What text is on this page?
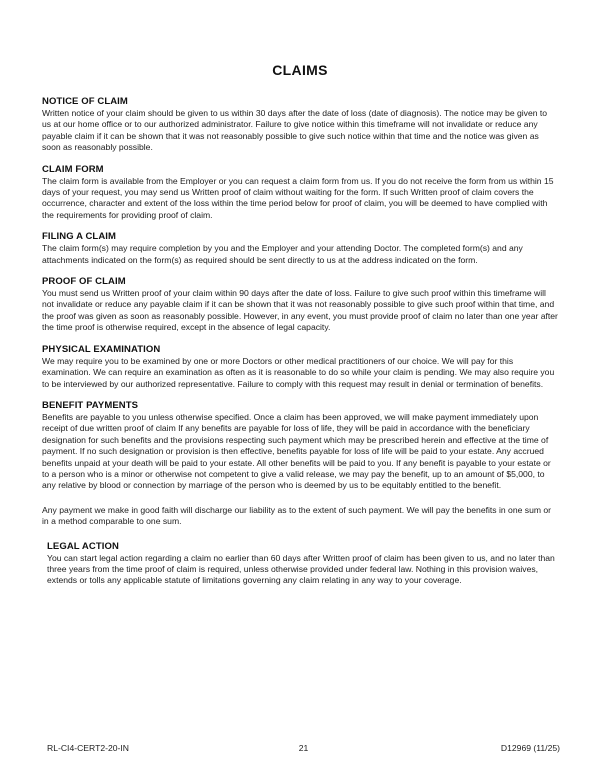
CLAIMS
NOTICE OF CLAIM

Written notice of your claim should be given to us within 30 days after the date of loss (date of diagnosis). The notice may be given to us at our home office or to our authorized administrator. Failure to give notice within this timeframe will not invalidate or reduce any payable claim if it can be shown that it was not reasonably possible to give such notice within that time and the notice was given as soon as reasonably possible.

CLAIM FORM

The claim form is available from the Employer or you can request a claim form from us. If you do not receive the form from us within 15 days of your request, you may send us Written proof of claim without waiting for the form. If such Written proof of claim covers the occurrence, character and extent of the loss within the time period below for proof of claim, you will be deemed to have complied with the requirements for providing proof of claim.

FILING A CLAIM

The claim form(s) may require completion by you and the Employer and your attending Doctor. The completed form(s) and any attachments indicated on the form(s) as required should be sent directly to us at the address indicated on the form.

PROOF OF CLAIM

You must send us Written proof of your claim within 90 days after the date of loss. Failure to give such proof within this timeframe will not invalidate or reduce any payable claim if it can be shown that it was not reasonably possible to give such proof within that time, and the proof was given as soon as reasonably possible. However, in any event, you must provide proof of claim no later than one year after the time proof is otherwise required, except in the absence of legal capacity.

PHYSICAL EXAMINATION

We may require you to be examined by one or more Doctors or other medical practitioners of our choice. We will pay for this examination. We can require an examination as often as it is reasonable to do so while your claim is pending. We may also require you to be interviewed by our authorized representative. Failure to comply with this request may result in denial or termination of benefits.

BENEFIT PAYMENTS

Benefits are payable to you unless otherwise specified. Once a claim has been approved, we will make payment immediately upon receipt of due written proof of claim If any benefits are payable for loss of life, they will be paid in accordance with the beneficiary designation for such benefits and the provisions respecting such payment which may be prescribed herein and effective at the time of payment. If no such designation or provision is then effective, benefits payable for loss of life will be paid to your estate. Any accrued benefits unpaid at your death will be paid to your estate. All other benefits will be paid to you. If any benefit is payable to your estate or to a person who is a minor or otherwise not competent to give a valid release, we may pay the benefit, up to an amount of $5,000, to any relative by blood or connection by marriage of the person who is deemed by us to be equitably entitled to the benefit.

Any payment we make in good faith will discharge our liability as to the extent of such payment. We will pay the benefits in one sum or in a method comparable to one sum.

LEGAL ACTION

You can start legal action regarding a claim no earlier than 60 days after Written proof of claim has been given to us, and no later than three years from the time proof of claim is required, unless otherwise provided under federal law. Nothing in this provision waives, extends or tolls any applicable statute of limitations governing any claim relating in any way to your coverage.

RL-CI4-CERT2-20-IN	21	D12969 (11/25)
